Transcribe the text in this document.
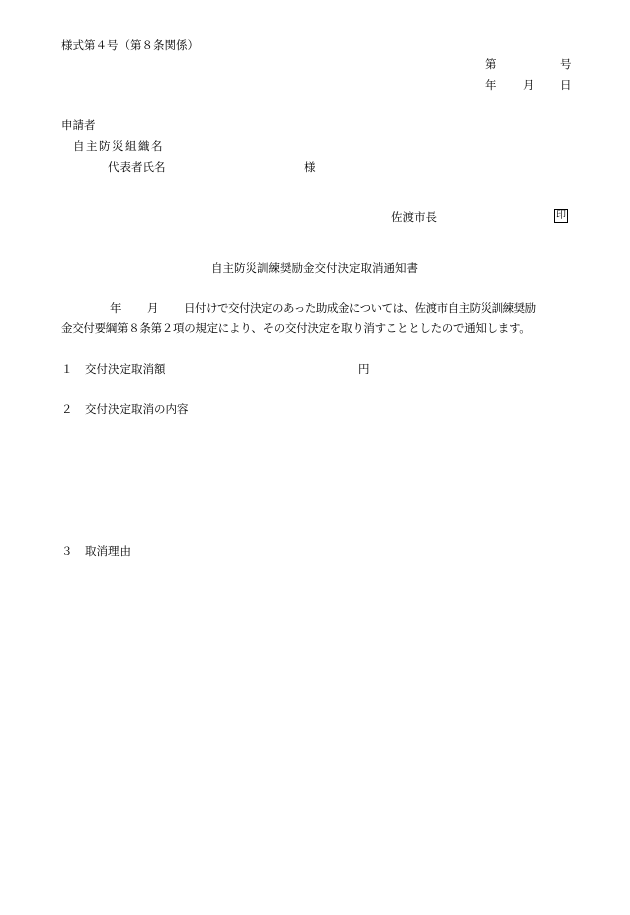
様式第４号（第８条関係）
第	号
年 月 日
申請者
自主防災組織名
代表者氏名	様
佐渡市長	印
自主防災訓練奨励金交付決定取消通知書
年 月 日付けで交付決定のあった助成金については、佐渡市自主防災訓練奨励
金交付要綱第８条第２項の規定により、その交付決定を取り消すこととしたので通知します。
１ 交付決定取消額	円
２ 交付決定取消の内容
３ 取消理由
